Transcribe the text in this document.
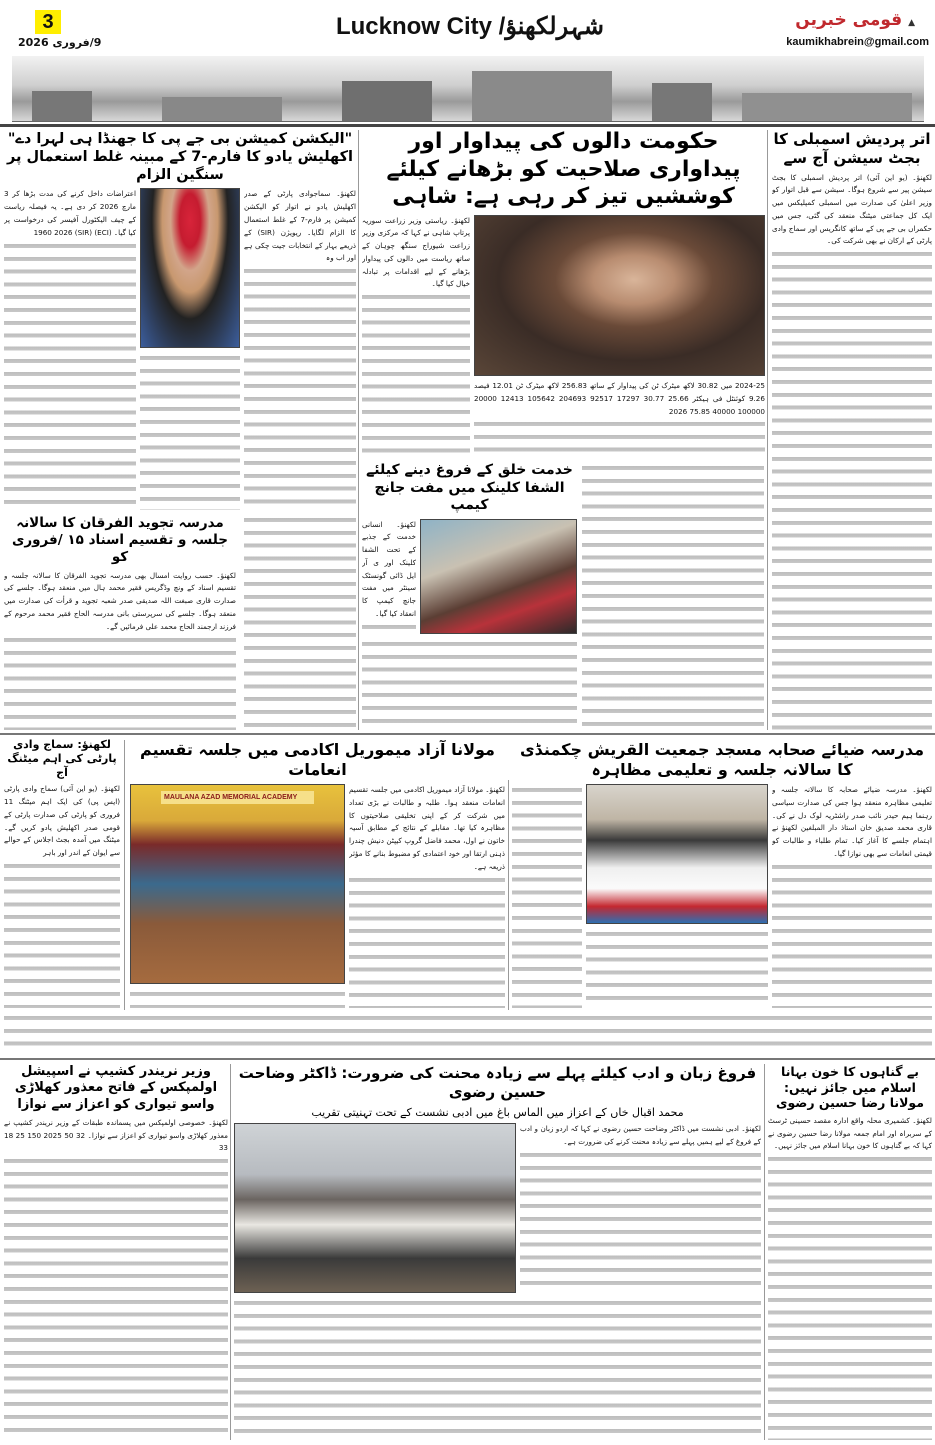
3
9/فروری 2026
Lucknow City /شہرلکھنؤ	قومی خبریں ▲
kaumikhabrein@gmail.com
اتر پردیش اسمبلی کا بجٹ سیشن آج سے

لکھنؤ۔ (یو این آئی) اتر پردیش اسمبلی کا بجٹ سیشن پیر سے شروع ہوگا۔ سیشن سے قبل اتوار کو وزیر اعلیٰ کی صدارت میں اسمبلی کمپلیکس میں ایک کل جماعتی میٹنگ منعقد کی گئی، جس میں حکمراں بی جے پی کے ساتھ کانگریس اور سماج وادی پارٹی کے ارکان نے بھی شرکت کی۔

حکومت دالوں کی پیداوار اور پیداواری صلاحیت کو بڑھانے کیلئے کوششیں تیز کر رہی ہے: شاہی

لکھنؤ۔ ریاستی وزیر زراعت سوریہ پرتاپ شاہی نے کہا کہ مرکزی وزیر زراعت شیوراج سنگھ چوہان کے ساتھ ریاست میں دالوں کی پیداوار بڑھانے کے لیے اقدامات پر تبادلہ خیال کیا گیا۔

2024-25 میں 30.82 لاکھ میٹرک ٹن کی پیداوار کے ساتھ 256.83 لاکھ میٹرک ٹن 12.01 فیصد 9.26 کوئنٹل فی ہیکٹر 25.66 30.77 17297 92517 204693 105642 12413 20000 100000 40000 75.85 2026

خدمت خلق کے فروغ دینے کیلئے الشفا کلینک میں مفت جانچ کیمپ

لکھنؤ۔ انسانی خدمت کے جذبے کے تحت الشفا کلینک اور ی آر ایل ڈائی گونسٹک سینٹر میں مفت جانچ کیمپ کا انعقاد کیا گیا۔

"الیکشن کمیشن بی جے پی کا جھنڈا ہی لہرا دے" اکھلیش یادو کا فارم-7 کے مبینہ غلط استعمال پر سنگین الزام

اعتراضات داخل کرنے کی مدت بڑھا کر 3 مارچ 2026 کر دی ہے۔ یہ فیصلہ ریاست کے چیف الیکٹورل آفیسر کی درخواست پر کیا گیا۔ (ECI) (SIR) 1960 2026

لکھنؤ۔ سماجوادی پارٹی کے صدر اکھلیش یادو نے اتوار کو الیکشن کمیشن پر فارم-7 کے غلط استعمال کا الزام لگایا۔ ریویژن (SIR) کے ذریعے بہار کے انتخابات جیت چکی ہے اور اب وہ

مدرسہ تجوید الفرقان کا سالانہ جلسہ و تقسیم اسناد ۱۵ /فروری کو

لکھنؤ۔ حسب روایت امسال بھی مدرسہ تجوید الفرقان کا سالانہ جلسہ و تقسیم اسناد کے ونچ وڈگریس فقیر محمد ہال میں منعقد ہوگا۔ جلسے کی صدارت قاری صبغت اللہ صدیقی صدر شعبہ تجوید و قرأت کی صدارت میں منعقد ہوگا۔ جلسے کی سرپرستی بانی مدرسہ الحاج فقیر محمد مرحوم کے فرزند ارجمند الحاج محمد علی فرمائیں گے۔

لکھنؤ: سماج وادی پارٹی کی اہم میٹنگ آج

لکھنؤ۔ (یو این آئی) سماج وادی پارٹی (ایس پی) کی ایک اہم میٹنگ 11 فروری کو پارٹی کی صدارت پارٹی کے قومی صدر اکھلیش یادو کریں گے۔ میٹنگ میں آمدہ بجٹ اجلاس کے حوالے سے ایوان کے اندر اور باہر

مولانا آزاد میموریل اکادمی میں جلسہ تقسیم انعامات
MAULANA AZAD MEMORIAL ACADEMY

لکھنؤ۔ مولانا آزاد میموریل اکادمی میں جلسہ تقسیم انعامات منعقد ہوا۔ طلبہ و طالبات نے بڑی تعداد میں شرکت کر کے اپنی تخلیقی صلاحیتوں کا مظاہرہ کیا تھا۔ مقابلے کے نتائج کے مطابق آسیہ خاتون نے اول، محمد فاضل گروپ کیپٹن دنیش چندرا ذہنی ارتقا اور خود اعتمادی کو مضبوط بنانے کا مؤثر ذریعہ ہے۔

مدرسہ ضیائے صحابہ مسجد جمعیت القریش چکمنڈی کا سالانہ جلسہ و تعلیمی مظاہرہ

لکھنؤ۔ مدرسہ ضیائے صحابہ کا سالانہ جلسہ و تعلیمی مظاہرہ منعقد ہوا جس کی صدارت سیاسی رہنما ہیم حیدر نائب صدر راشٹریہ لوک دل نے کی۔ قاری محمد صدیق خان استاذ دار المبلغین لکھنؤ نے اہتمام جلسے کا آغاز کیا۔ تمام طلباء و طالبات کو قیمتی انعامات سے بھی نوازا گیا۔

وزیر نریندر کشیپ نے اسپیشل اولمپکس کے فاتح معذور کھلاڑی واسو تیواری کو اعزاز سے نوازا

لکھنؤ۔ خصوصی اولمپکس میں پسماندہ طبقات کے وزیر نریندر کشیپ نے معذور کھلاڑی واسو تیواری کو اعزاز سے نوازا۔ 32 50 2025 150 25 18 33

فروغ زبان و ادب کیلئے پہلے سے زیادہ محنت کی ضرورت: ڈاکٹر وضاحت حسین رضوی
محمد اقبال خاں کے اعزاز میں الماس باغ میں ادبی نشست کے تحت تہنیتی تقریب

لکھنؤ۔ ادبی نشست میں ڈاکٹر وضاحت حسین رضوی نے کہا کہ اردو زبان و ادب کے فروغ کے لیے ہمیں پہلے سے زیادہ محنت کرنے کی ضرورت ہے۔

بے گناہوں کا خون بہانا اسلام میں جائز نہیں: مولانا رضا حسین رضوی

لکھنؤ۔ کشمیری محلہ واقع ادارہ مقصد حسینی ٹرسٹ کے سربراہ اور امام جمعہ مولانا رضا حسین رضوی نے کہا کہ بے گناہوں کا خون بہانا اسلام میں جائز نہیں۔
